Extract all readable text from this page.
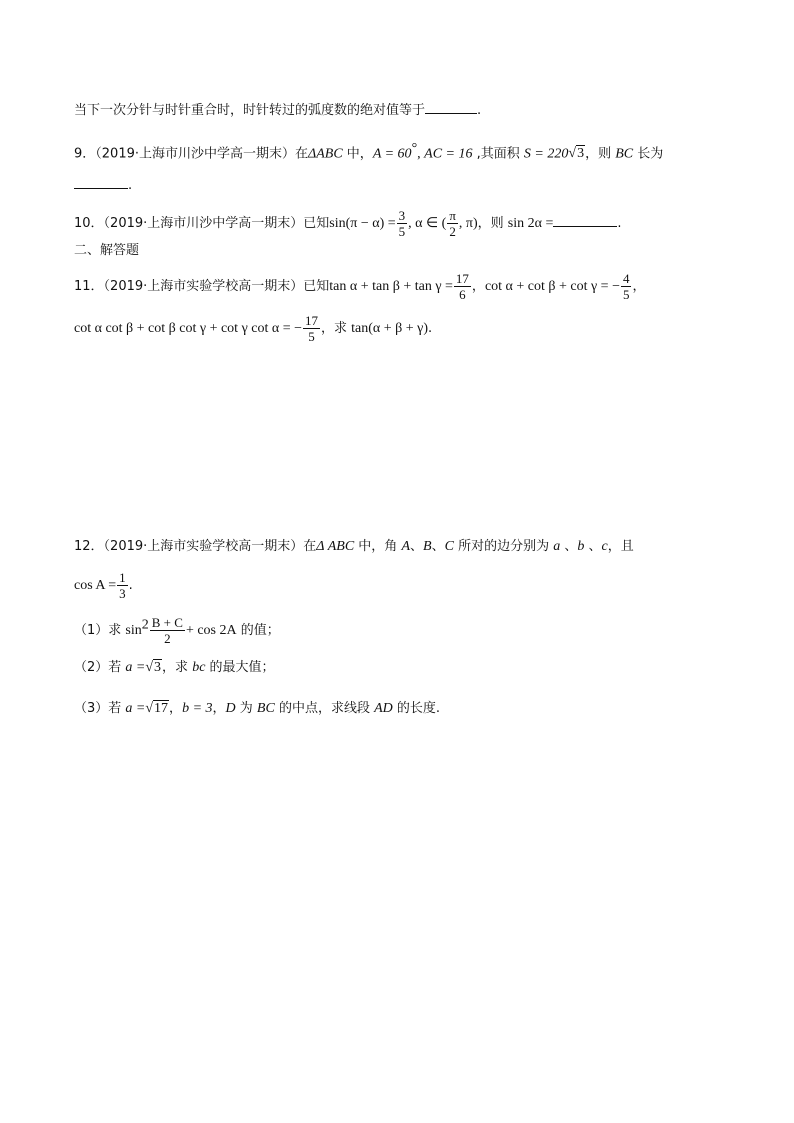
当下一次分针与时针重合时，时针转过的弧度数的绝对值等于	.
9．（2019·上海市川沙中学高一期末）在ΔABC 中，A = 60°, AC = 16 ,其面积 S = 220√3，则 BC 长为
.
10．（2019·上海市川沙中学高一期末）已知$\sin(\pi - \alpha) = \frac{3}{5}$ , α ∈ ( $\frac{\pi}{2}$ , π)，则 sin 2α =	.
二、解答题
11．（2019·上海市实验学校高一期末）已知$\tan \alpha + \tan \beta + \tan \gamma = \frac{17}{6}$ ，cot α + cot β + cot γ = − $\frac{4}{5}$ ，
cot α cot β + cot β cot γ + cot γ cot α = − $\frac{17}{5}$ ，求 tan(α + β + γ).
12．（2019·上海市实验学校高一期末）在Δ ABC 中，角 A、B、C 所对的边分别为 a 、b 、c，且
$\cos A = \frac{1}{3}$ .
（1）求 $\sin^2 \frac{B + C}{2} + \cos 2A$ 的值；
（2）若 a =√3，求 bc 的最大值；
（3）若 a =√17，b = 3，D 为 BC 的中点，求线段 AD 的长度.
